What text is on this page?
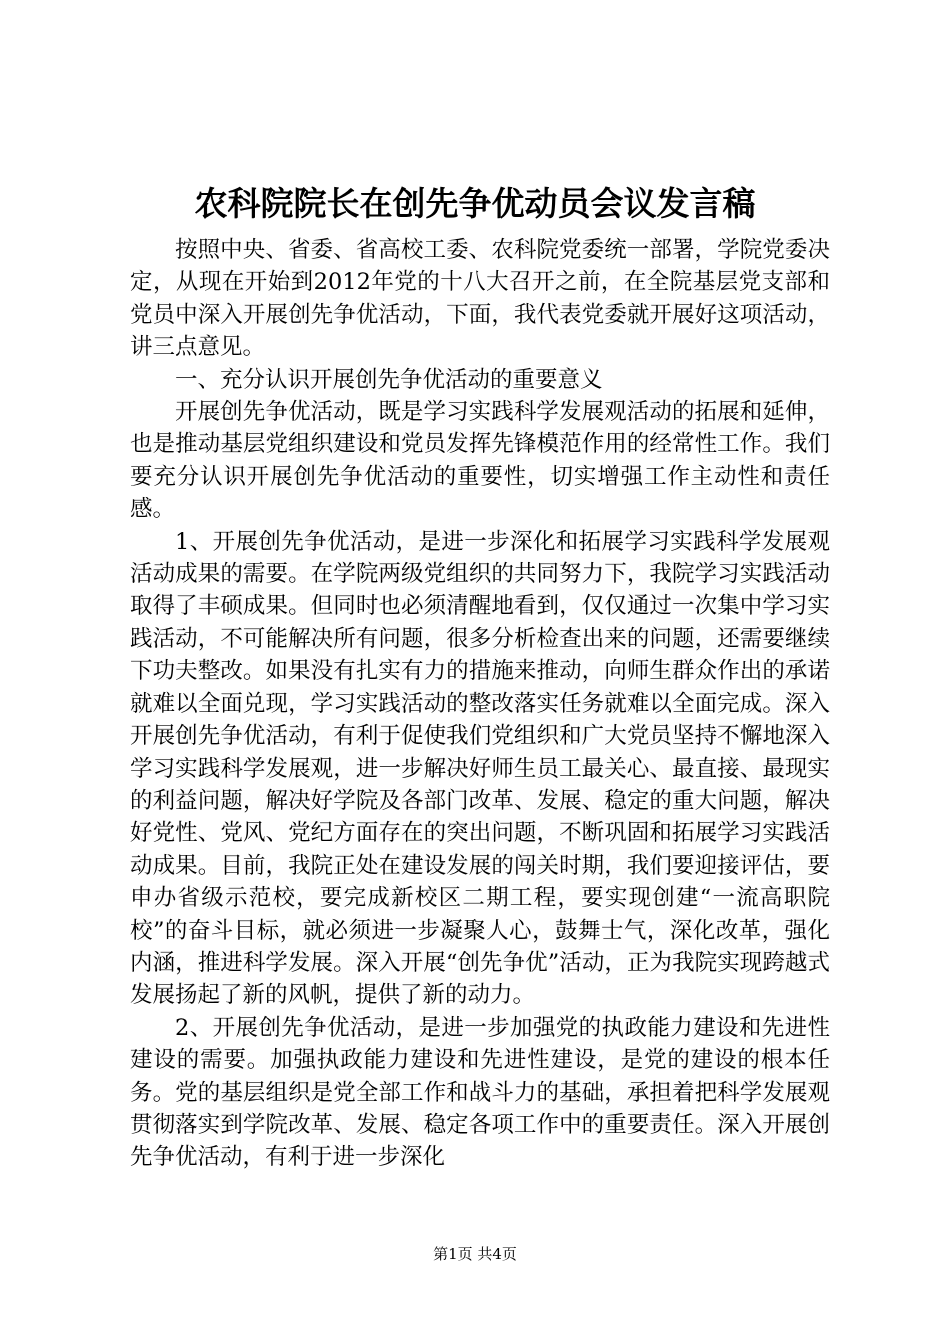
农科院院长在创先争优动员会议发言稿

按照中央、省委、省高校工委、农科院党委统一部署，学院党委决定，从现在开始到2012年党的十八大召开之前，在全院基层党支部和党员中深入开展创先争优活动，下面，我代表党委就开展好这项活动，讲三点意见。

一、充分认识开展创先争优活动的重要意义

开展创先争优活动，既是学习实践科学发展观活动的拓展和延伸，也是推动基层党组织建设和党员发挥先锋模范作用的经常性工作。我们要充分认识开展创先争优活动的重要性，切实增强工作主动性和责任感。

1、开展创先争优活动，是进一步深化和拓展学习实践科学发展观活动成果的需要。在学院两级党组织的共同努力下，我院学习实践活动取得了丰硕成果。但同时也必须清醒地看到，仅仅通过一次集中学习实践活动，不可能解决所有问题，很多分析检查出来的问题，还需要继续下功夫整改。如果没有扎实有力的措施来推动，向师生群众作出的承诺就难以全面兑现，学习实践活动的整改落实任务就难以全面完成。深入开展创先争优活动，有利于促使我们党组织和广大党员坚持不懈地深入学习实践科学发展观，进一步解决好师生员工最关心、最直接、最现实的利益问题，解决好学院及各部门改革、发展、稳定的重大问题，解决好党性、党风、党纪方面存在的突出问题，不断巩固和拓展学习实践活动成果。目前，我院正处在建设发展的闯关时期，我们要迎接评估，要申办省级示范校，要完成新校区二期工程，要实现创建“一流高职院校”的奋斗目标，就必须进一步凝聚人心，鼓舞士气，深化改革，强化内涵，推进科学发展。深入开展“创先争优”活动，正为我院实现跨越式发展扬起了新的风帆，提供了新的动力。

2、开展创先争优活动，是进一步加强党的执政能力建设和先进性建设的需要。加强执政能力建设和先进性建设，是党的建设的根本任务。党的基层组织是党全部工作和战斗力的基础，承担着把科学发展观贯彻落实到学院改革、发展、稳定各项工作中的重要责任。深入开展创先争优活动，有利于进一步深化

第1页 共4页
